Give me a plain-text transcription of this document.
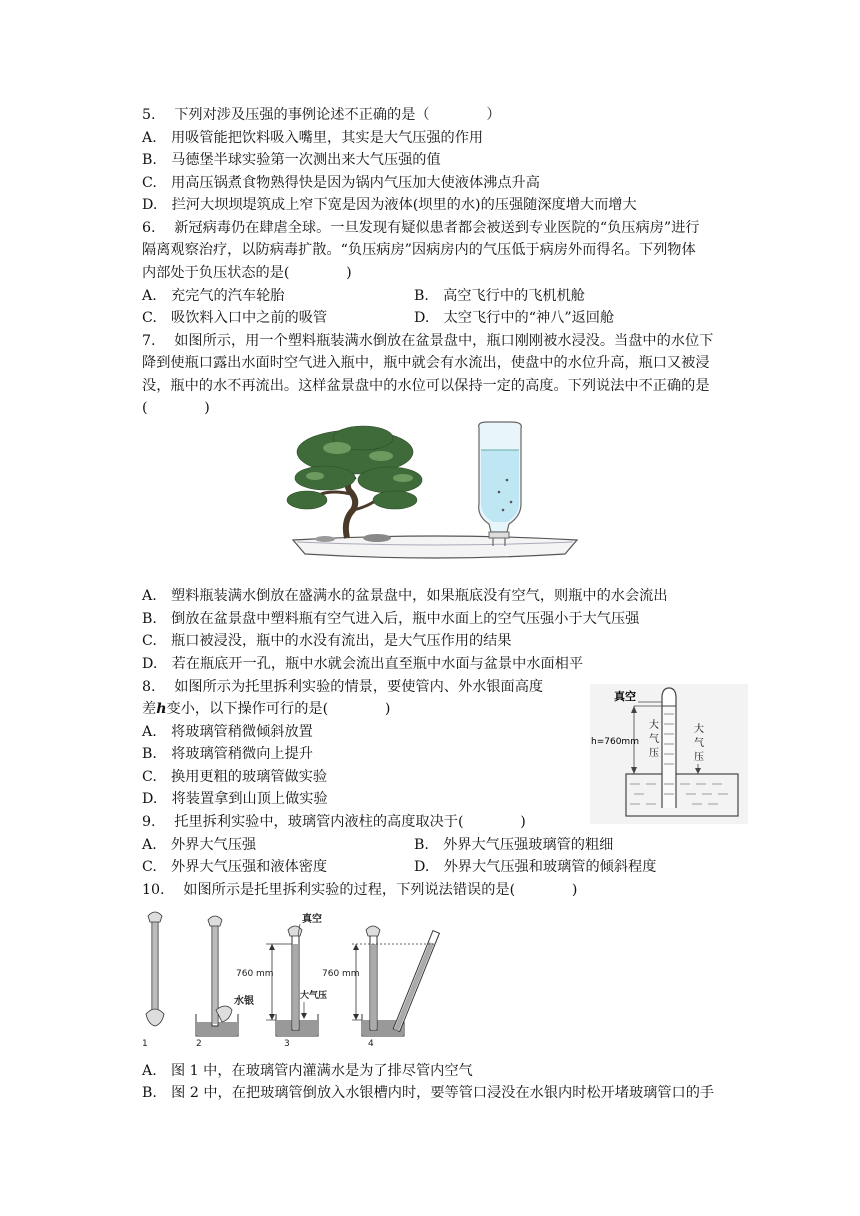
5.　 下列对涉及压强的事例论述不正确的是（　　　　）
A.　用吸管能把饮料吸入嘴里，其实是大气压强的作用
B.　马德堡半球实验第一次测出来大气压强的值
C.　用高压锅煮食物熟得快是因为锅内气压加大使液体沸点升高
D.　拦河大坝坝堤筑成上窄下宽是因为液体(坝里的水)的压强随深度增大而增大
6.　 新冠病毒仍在肆虐全球。一旦发现有疑似患者都会被送到专业医院的“负压病房”进行
隔离观察治疗，以防病毒扩散。“负压病房”因病房内的气压低于病房外而得名。下列物体
内部处于负压状态的是(　　　　)
A.　充完气的汽车轮胎	B.　高空飞行中的飞机机舱
C.　吸饮料入口中之前的吸管	D.　太空飞行中的“神八”返回舱
7.　 如图所示，用一个塑料瓶装满水倒放在盆景盘中，瓶口刚刚被水浸没。当盘中的水位下
降到使瓶口露出水面时空气进入瓶中，瓶中就会有水流出，使盘中的水位升高，瓶口又被浸
没，瓶中的水不再流出。这样盆景盘中的水位可以保持一定的高度。下列说法中不正确的是
(　　　　)
A.　塑料瓶装满水倒放在盛满水的盆景盘中，如果瓶底没有空气，则瓶中的水会流出
B.　倒放在盆景盘中塑料瓶有空气进入后，瓶中水面上的空气压强小于大气压强
C.　瓶口被浸没，瓶中的水没有流出，是大气压作用的结果
D.　若在瓶底开一孔，瓶中水就会流出直至瓶中水面与盆景中水面相平
8.　 如图所示为托里拆利实验的情景，要使管内、外水银面高度
差h变小，以下操作可行的是(　　　　)
A.　将玻璃管稍微倾斜放置
B.　将玻璃管稍微向上提升
C.　换用更粗的玻璃管做实验
D.　将装置拿到山顶上做实验
真空
h=760mm
大
气
压
大
气
压
9.　 托里拆利实验中，玻璃管内液柱的高度取决于(　　　　)
A.　外界大气压强	B.　外界大气压强玻璃管的粗细
C.　外界大气压强和液体密度	D.　外界大气压强和玻璃管的倾斜程度
10.　 如图所示是托里拆利实验的过程，下列说法错误的是(　　　　)
1
水银
2
真空
760 mm
大气压
3
760 mm
4
A.　图 1 中，在玻璃管内灌满水是为了排尽管内空气
B.　图 2 中，在把玻璃管倒放入水银槽内时，要等管口浸没在水银内时松开堵玻璃管口的手
